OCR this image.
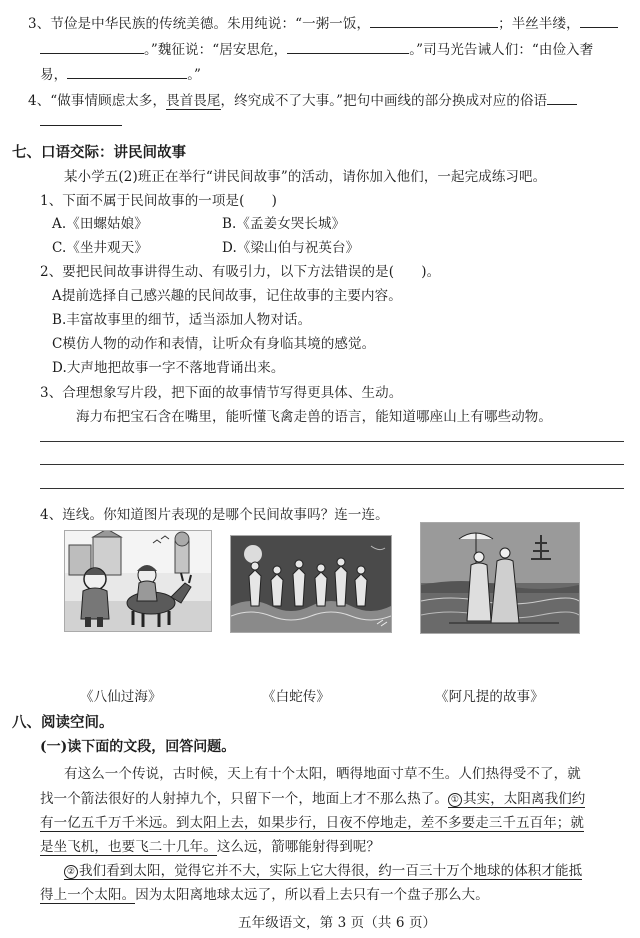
3、节俭是中华民族的传统美德。朱用纯说：“一粥一饭，	；半丝半缕，
。”魏征说：“居安思危，	。”司马光告诫人们：“由俭入奢
易，	。”
4、“做事情顾虑太多，畏首畏尾，终究成不了大事。”把句中画线的部分换成对应的俗语
七、口语交际：讲民间故事
某小学五(2)班正在举行“讲民间故事”的活动，请你加入他们，一起完成练习吧。
1、下面不属于民间故事的一项是(　　)
A.《田螺姑娘》	B.《孟姜女哭长城》
C.《坐井观天》	D.《梁山伯与祝英台》
2、要把民间故事讲得生动、有吸引力，以下方法错误的是(　　)。
A提前选择自己感兴趣的民间故事，记住故事的主要内容。
B.丰富故事里的细节，适当添加人物对话。
C模仿人物的动作和表情，让听众有身临其境的感觉。
D.大声地把故事一字不落地背诵出来。
3、合理想象写片段，把下面的故事情节写得更具体、生动。
海力布把宝石含在嘴里，能听懂飞禽走兽的语言，能知道哪座山上有哪些动物。
4、连线。你知道图片表现的是哪个民间故事吗？连一连。
《八仙过海》	《白蛇传》	《阿凡提的故事》
八、阅读空间。
(一)读下面的文段，回答问题。
有这么一个传说，古时候，天上有十个太阳，晒得地面寸草不生。人们热得受不了，就
找一个箭法很好的人射掉九个，只留下一个，地面上才不那么热了。 ① 其实，太阳离我们约
有一亿五千万千米远。到太阳上去，如果步行，日夜不停地走，差不多要走三千五百年；就
是坐飞机，也要飞二十几年。这么远，箭哪能射得到呢？
② 我们看到太阳，觉得它并不大，实际上它大得很，约一百三十万个地球的体积才能抵
得上一个太阳。因为太阳离地球太远了，所以看上去只有一个盘子那么大。
五年级语文，第 3 页（共 6 页）
